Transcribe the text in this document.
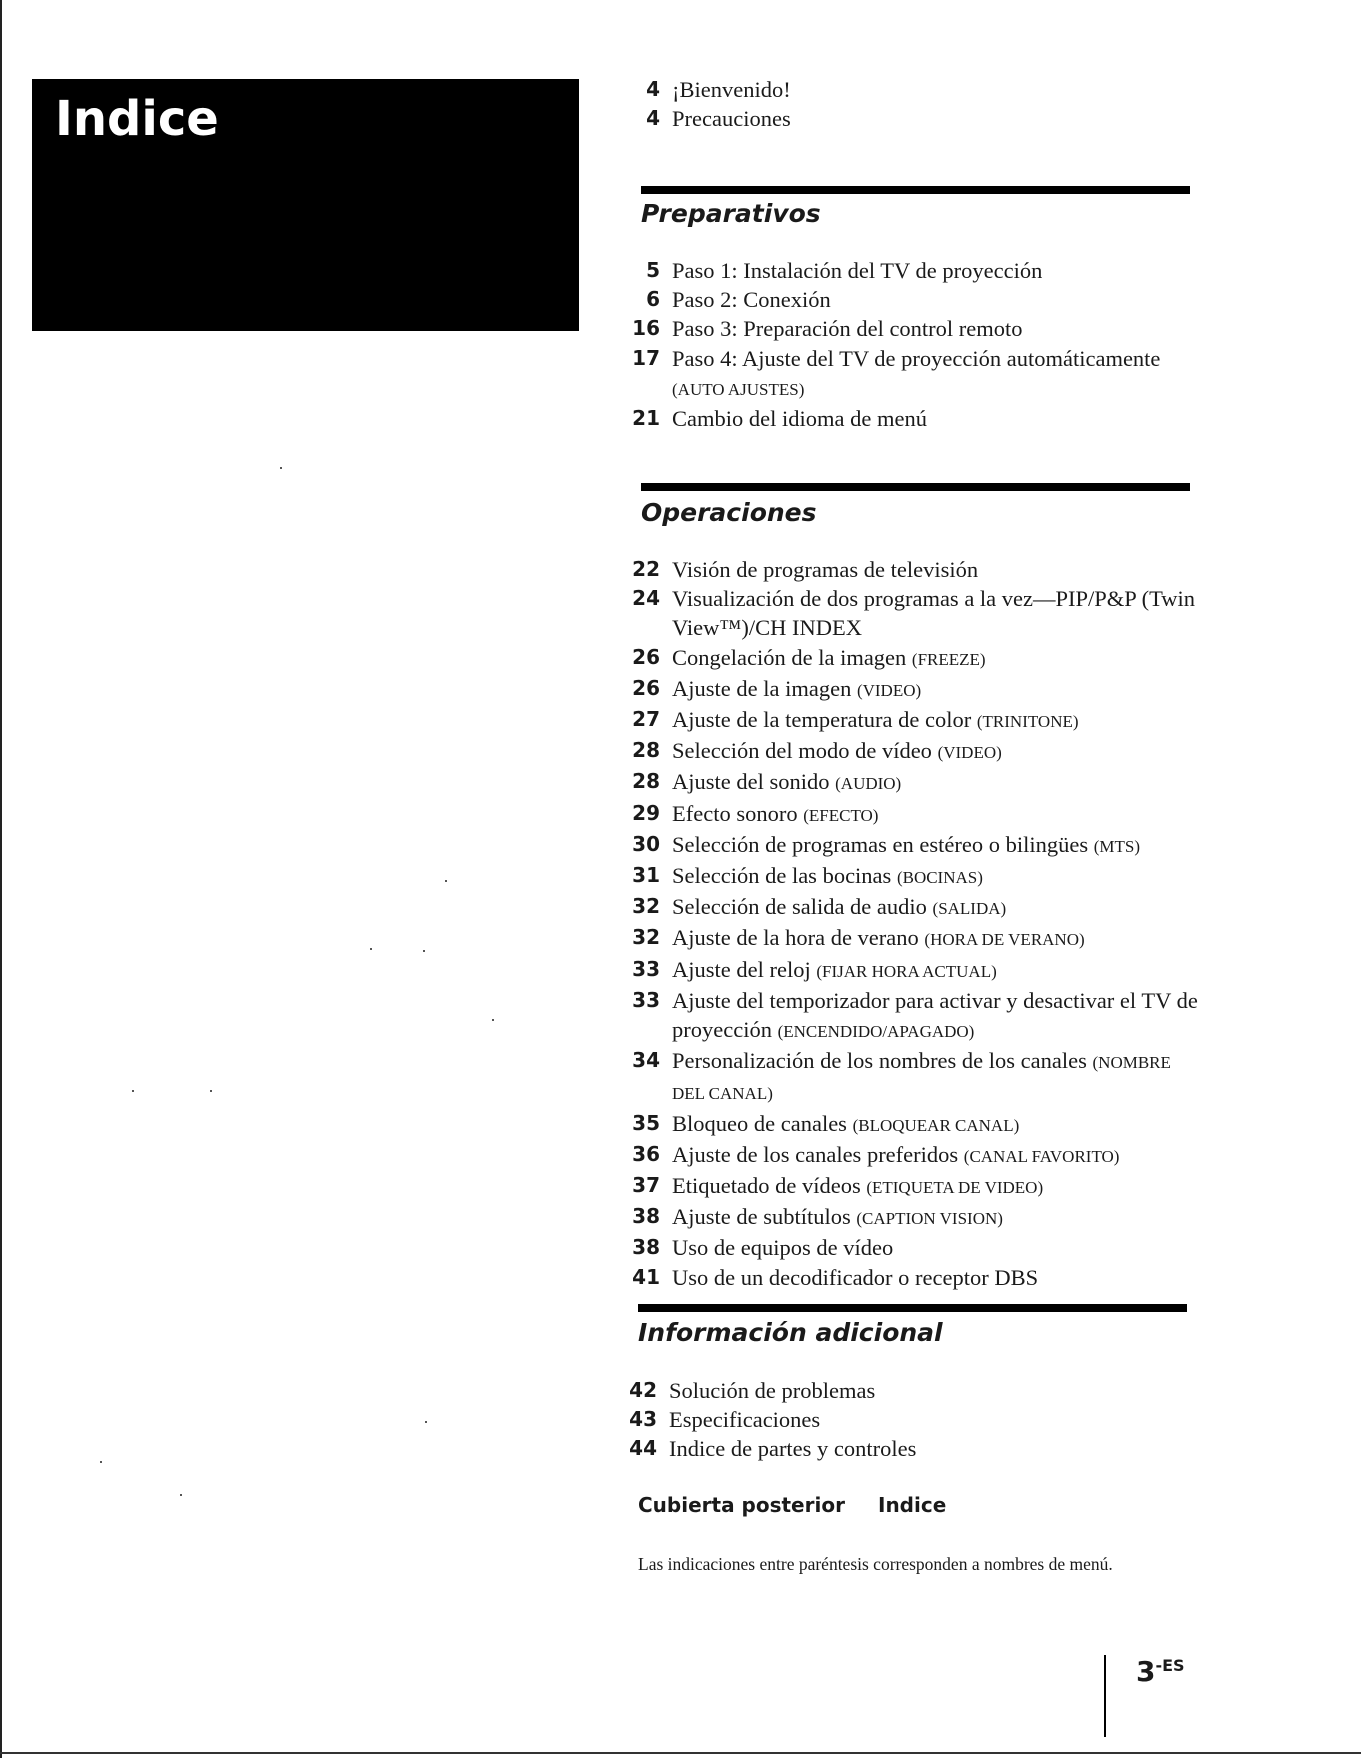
Indice
4 ¡Bienvenido!
4 Precauciones
Preparativos
5 Paso 1: Instalación del TV de proyección
6 Paso 2: Conexión
16 Paso 3: Preparación del control remoto
17 Paso 4: Ajuste del TV de proyección automáticamente (AUTO AJUSTES)
21 Cambio del idioma de menú
Operaciones
22 Visión de programas de televisión
24 Visualización de dos programas a la vez—PIP/P&P (Twin View™)/CH INDEX
26 Congelación de la imagen (FREEZE)
26 Ajuste de la imagen (VIDEO)
27 Ajuste de la temperatura de color (TRINITONE)
28 Selección del modo de vídeo (VIDEO)
28 Ajuste del sonido (AUDIO)
29 Efecto sonoro (EFECTO)
30 Selección de programas en estéreo o bilingües (MTS)
31 Selección de las bocinas (BOCINAS)
32 Selección de salida de audio (SALIDA)
32 Ajuste de la hora de verano (HORA DE VERANO)
33 Ajuste del reloj (FIJAR HORA ACTUAL)
33 Ajuste del temporizador para activar y desactivar el TV de proyección (ENCENDIDO/APAGADO)
34 Personalización de los nombres de los canales (NOMBRE DEL CANAL)
35 Bloqueo de canales (BLOQUEAR CANAL)
36 Ajuste de los canales preferidos (CANAL FAVORITO)
37 Etiquetado de vídeos (ETIQUETA DE VIDEO)
38 Ajuste de subtítulos (CAPTION VISION)
38 Uso de equipos de vídeo
41 Uso de un decodificador o receptor DBS
Información adicional
42 Solución de problemas
43 Especificaciones
44 Indice de partes y controles
Cubierta posterior Indice
Las indicaciones entre paréntesis corresponden a nombres de menú.
$3^{-ES}$
